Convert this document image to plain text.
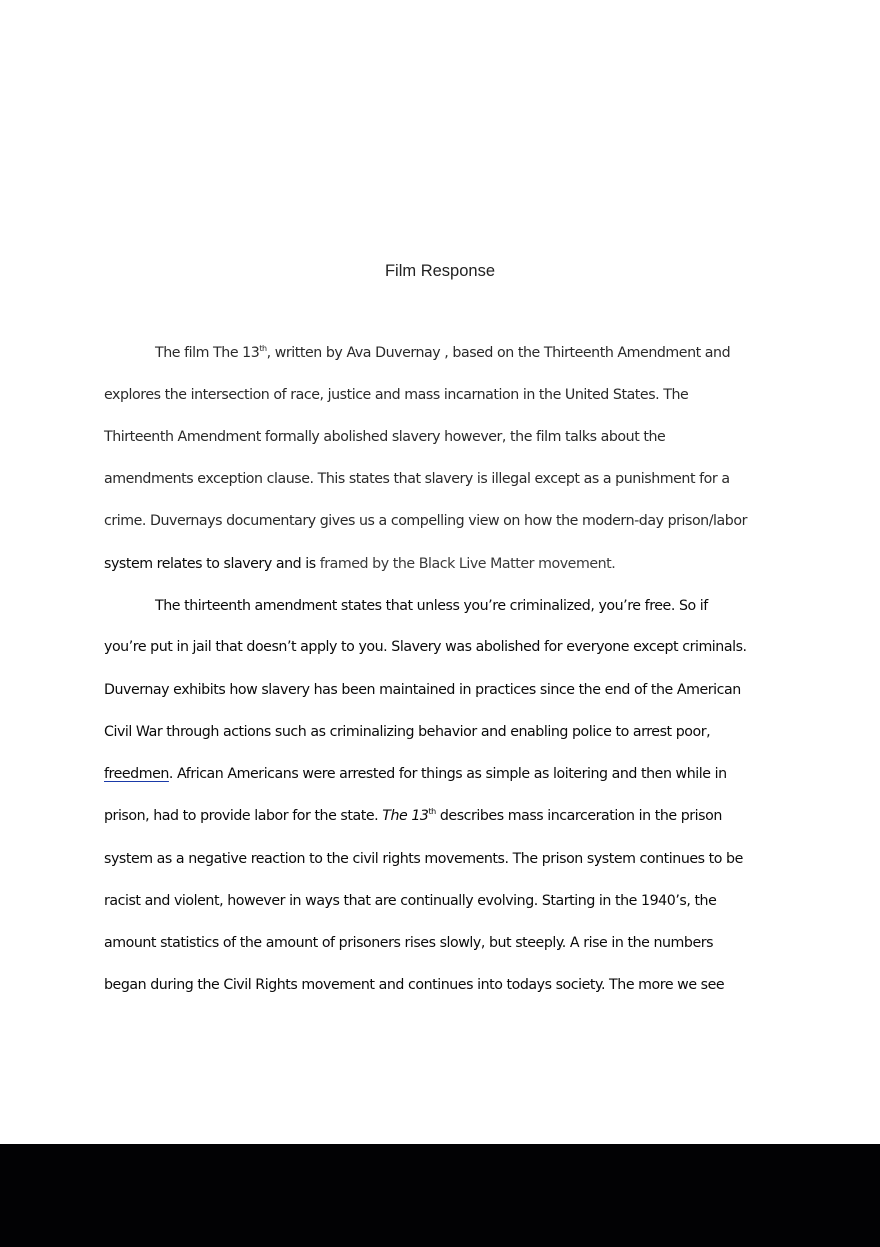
Film Response
The film The 13th, written by Ava Duvernay , based on the Thirteenth Amendment and
explores the intersection of race, justice and mass incarnation in the United States. The
Thirteenth Amendment formally abolished slavery however, the film talks about the
amendments exception clause. This states that slavery is illegal except as a punishment for a
crime. Duvernays documentary gives us a compelling view on how the modern-day prison/labor
system relates to slavery and is framed by the Black Live Matter movement.
The thirteenth amendment states that unless you’re criminalized, you’re free. So if
you’re put in jail that doesn’t apply to you. Slavery was abolished for everyone except criminals.
Duvernay exhibits how slavery has been maintained in practices since the end of the American
Civil War through actions such as criminalizing behavior and enabling police to arrest poor,
freedmen. African Americans were arrested for things as simple as loitering and then while in
prison, had to provide labor for the state. The 13th describes mass incarceration in the prison
system as a negative reaction to the civil rights movements. The prison system continues to be
racist and violent, however in ways that are continually evolving. Starting in the 1940’s, the
amount statistics of the amount of prisoners rises slowly, but steeply. A rise in the numbers
began during the Civil Rights movement and continues into todays society. The more we see
